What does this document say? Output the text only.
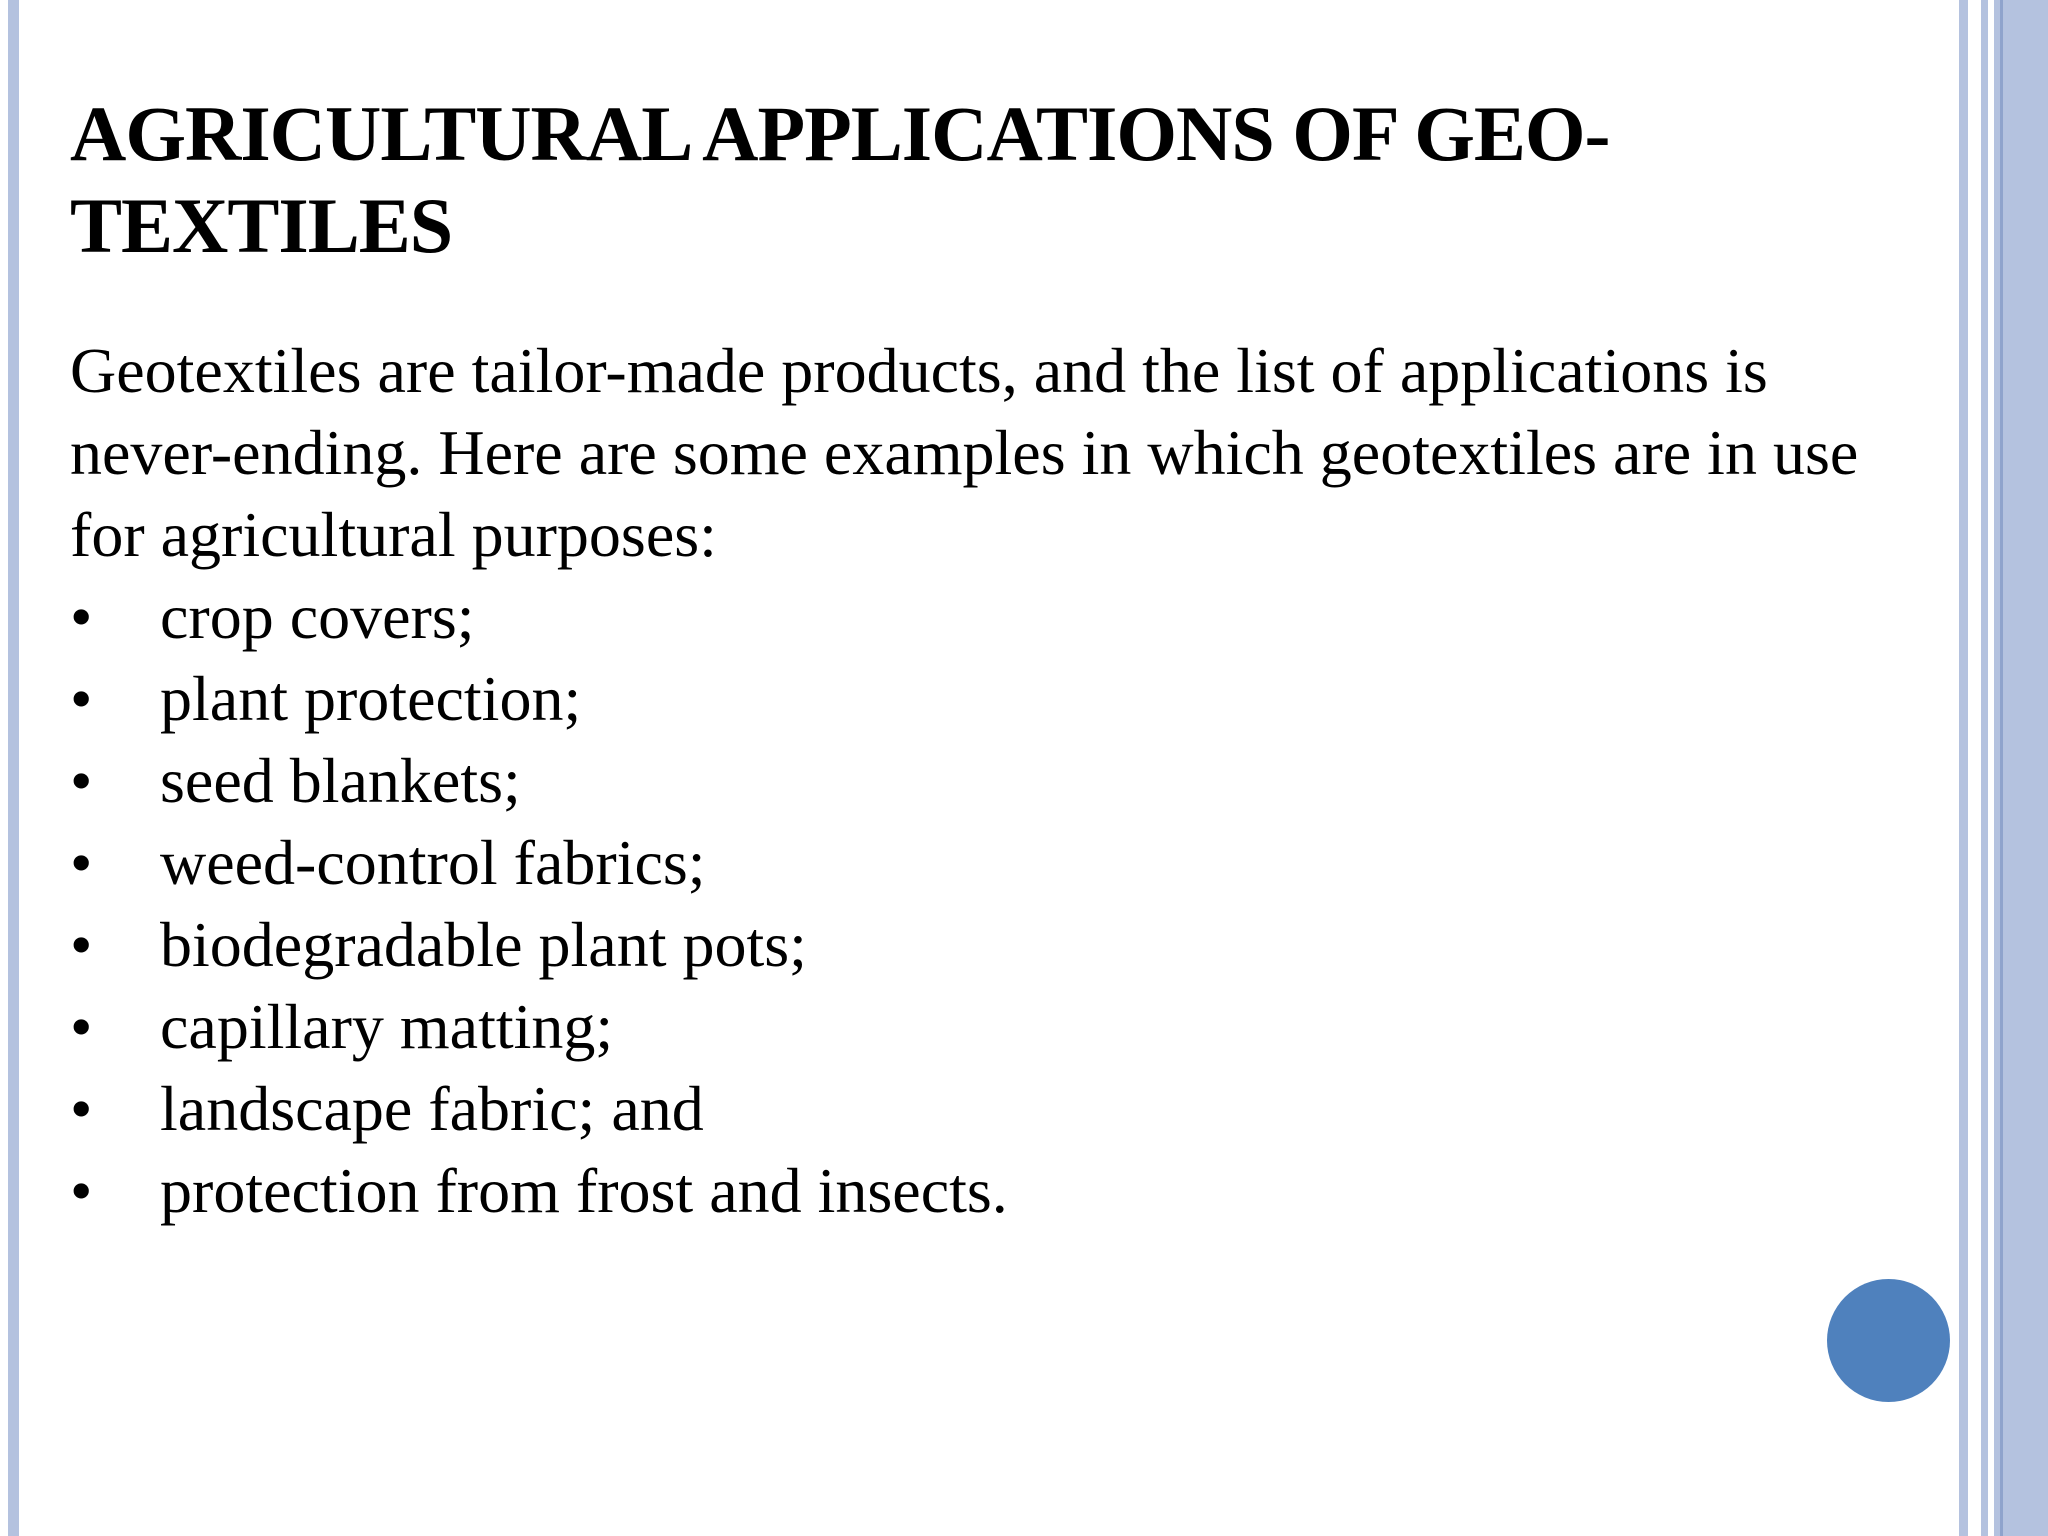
AGRICULTURAL APPLICATIONS OF GEO-TEXTILES

Geotextiles are tailor-made products, and the list of applications is never-ending. Here are some examples in which geotextiles are in use for agricultural purposes:

• crop covers;
• plant protection;
• seed blankets;
• weed-control fabrics;
• biodegradable plant pots;
• capillary matting;
• landscape fabric; and
• protection from frost and insects.
